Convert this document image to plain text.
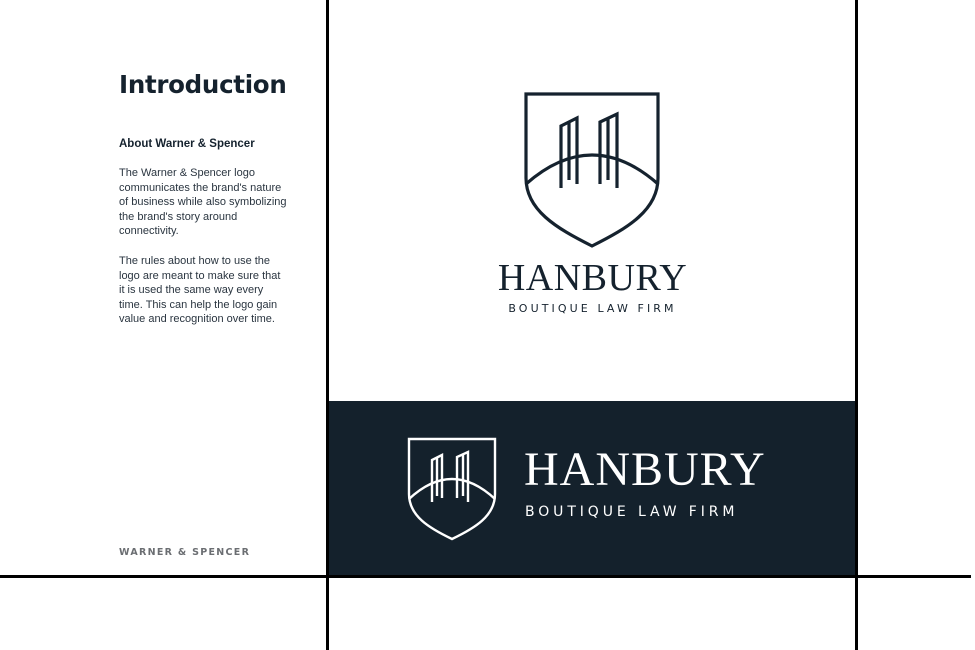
Introduction
About Warner & Spencer

The Warner & Spencer logo communicates the brand's nature of business while also symbolizing the brand's story around connectivity.

The rules about how to use the logo are meant to make sure that it is used the same way every time. This can help the logo gain value and recognition over time.

WARNER & SPENCER

HANBURY
BOUTIQUE LAW FIRM
HANBURY
BOUTIQUE LAW FIRM
